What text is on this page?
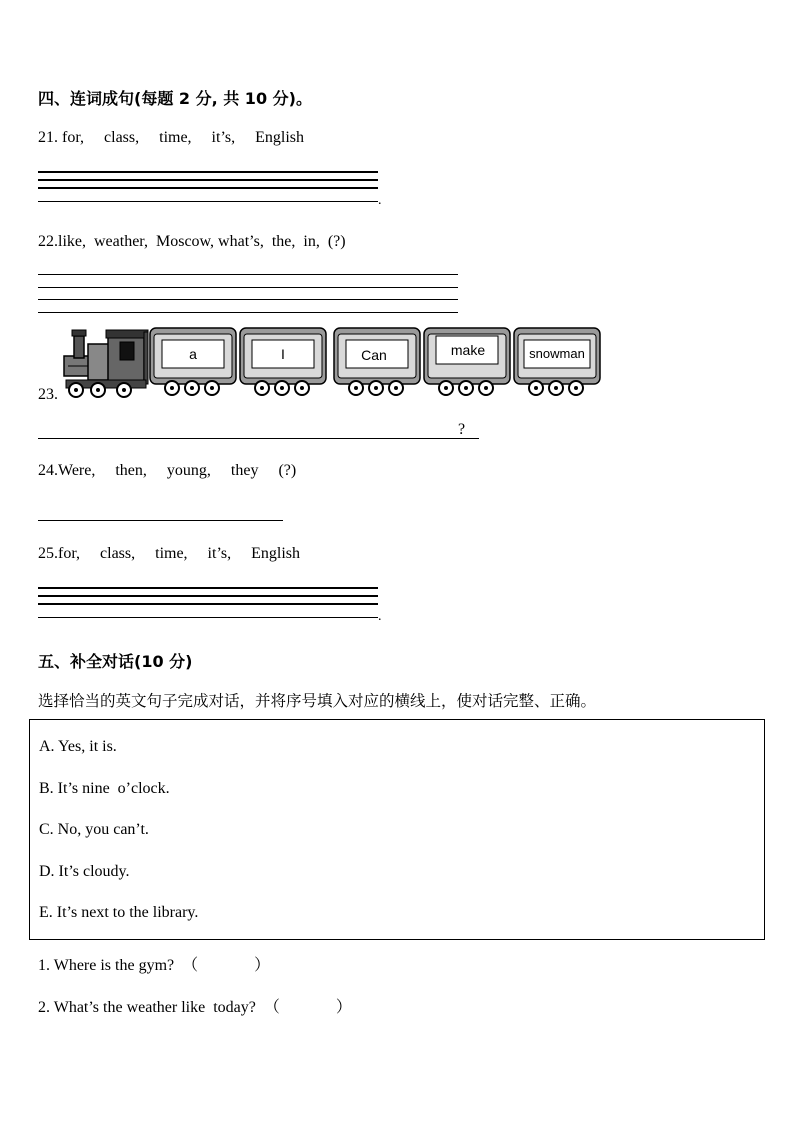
四、连词成句(每题 2 分, 共 10 分)。
21. for,     class,     time,     it’s,     English
.
22.like,  weather,  Moscow, what’s,  the,  in,  (?)
23.
a	I	Can	make	snowman
?
24.Were,     then,     young,     they     (?)
25.for,     class,     time,     it’s,     English
.
五、补全对话(10 分)
选择恰当的英文句子完成对话，并将序号填入对应的横线上，使对话完整、正确。
A. Yes, it is.
B. It’s nine  o’clock.
C. No, you can’t.
D. It’s cloudy.
E. It’s next to the library.
1. Where is the gym?  （              ）
2. What’s the weather like  today?  （              ）
